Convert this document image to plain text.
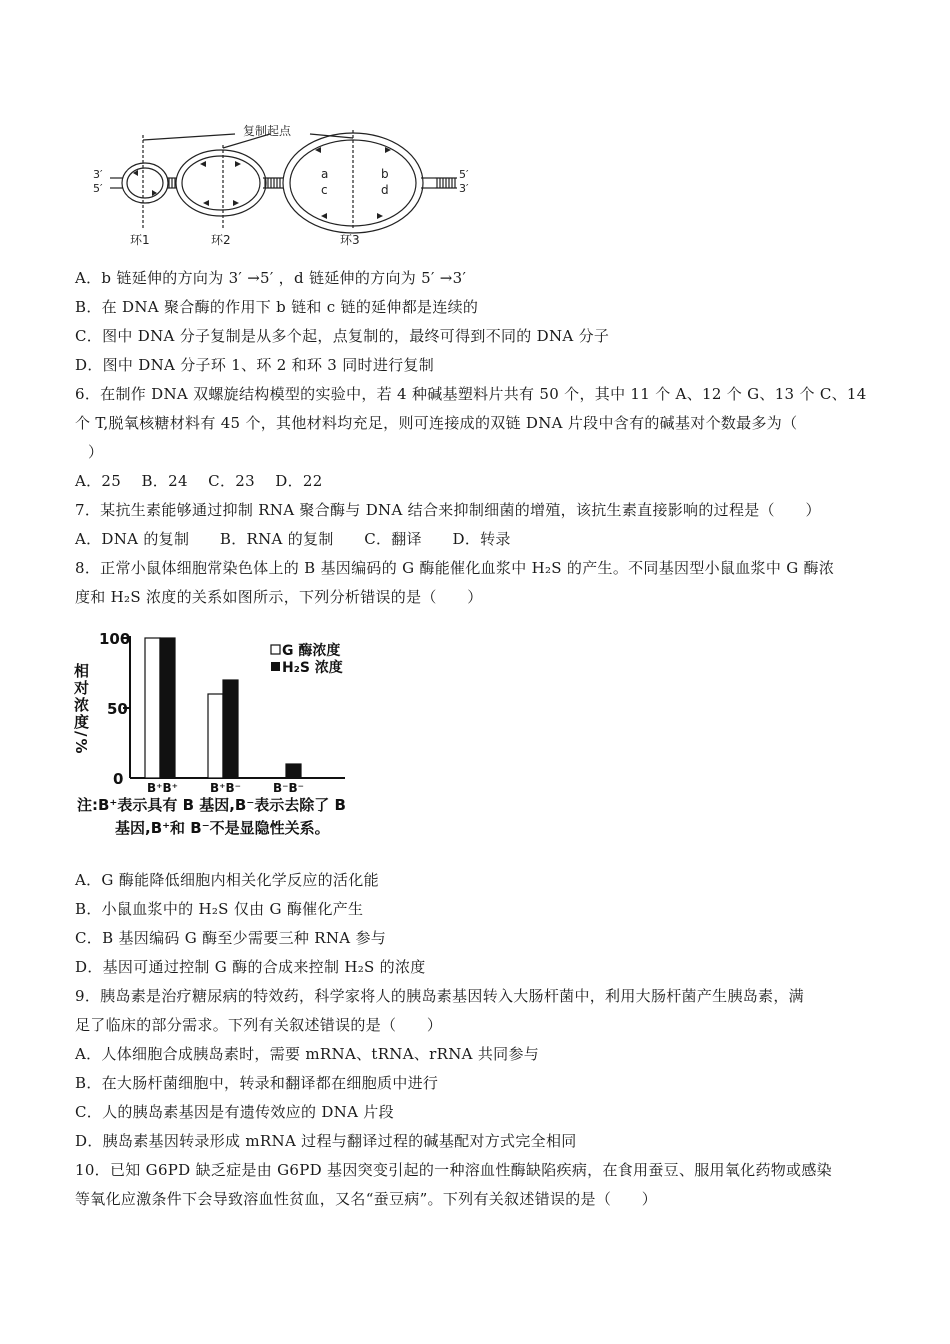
复制起点
3′
5′
5′
3′
a
c
b
d
环1	环2	环3
A．b 链延伸的方向为 3′ →5′ ，d 链延伸的方向为 5′ →3′
B．在 DNA 聚合酶的作用下 b 链和 c 链的延伸都是连续的
C．图中 DNA 分子复制是从多个起，点复制的，最终可得到不同的 DNA 分子
D．图中 DNA 分子环 1、环 2 和环 3 同时进行复制
6．在制作 DNA 双螺旋结构模型的实验中，若 4 种碱基塑料片共有 50 个，其中 11 个 A、12 个 G、13 个 C、14
个 T,脱氧核糖材料有 45 个，其他材料均充足，则可连接成的双链 DNA 片段中含有的碱基对个数最多为（
）
A．25　 B．24　 C．23　 D．22
7．某抗生素能够通过抑制 RNA 聚合酶与 DNA 结合来抑制细菌的增殖，该抗生素直接影响的过程是（　　）
A．DNA 的复制　　B．RNA 的复制　　C．翻译　　D．转录
8．正常小鼠体细胞常染色体上的 B 基因编码的 G 酶能催化血浆中 H₂S 的产生。不同基因型小鼠血浆中 G 酶浓
度和 H₂S 浓度的关系如图所示，下列分析错误的是（　　）
100
50
0
相对浓度/%
B⁺B⁺	B⁺B⁻	B⁻B⁻
G 酶浓度
H₂S 浓度
注:B⁺表示具有 B 基因,B⁻表示去除了 B
基因,B⁺和 B⁻不是显隐性关系。
A．G 酶能降低细胞内相关化学反应的活化能
B．小鼠血浆中的 H₂S 仅由 G 酶催化产生
C．B 基因编码 G 酶至少需要三种 RNA 参与
D．基因可通过控制 G 酶的合成来控制 H₂S 的浓度
9．胰岛素是治疗糖尿病的特效药，科学家将人的胰岛素基因转入大肠杆菌中，利用大肠杆菌产生胰岛素，满
足了临床的部分需求。下列有关叙述错误的是（　　）
A．人体细胞合成胰岛素时，需要 mRNA、tRNA、rRNA 共同参与
B．在大肠杆菌细胞中，转录和翻译都在细胞质中进行
C．人的胰岛素基因是有遗传效应的 DNA 片段
D．胰岛素基因转录形成 mRNA 过程与翻译过程的碱基配对方式完全相同
10．已知 G6PD 缺乏症是由 G6PD 基因突变引起的一种溶血性酶缺陷疾病，在食用蚕豆、服用氧化药物或感染
等氧化应激条件下会导致溶血性贫血，又名“蚕豆病”。下列有关叙述错误的是（　　）
